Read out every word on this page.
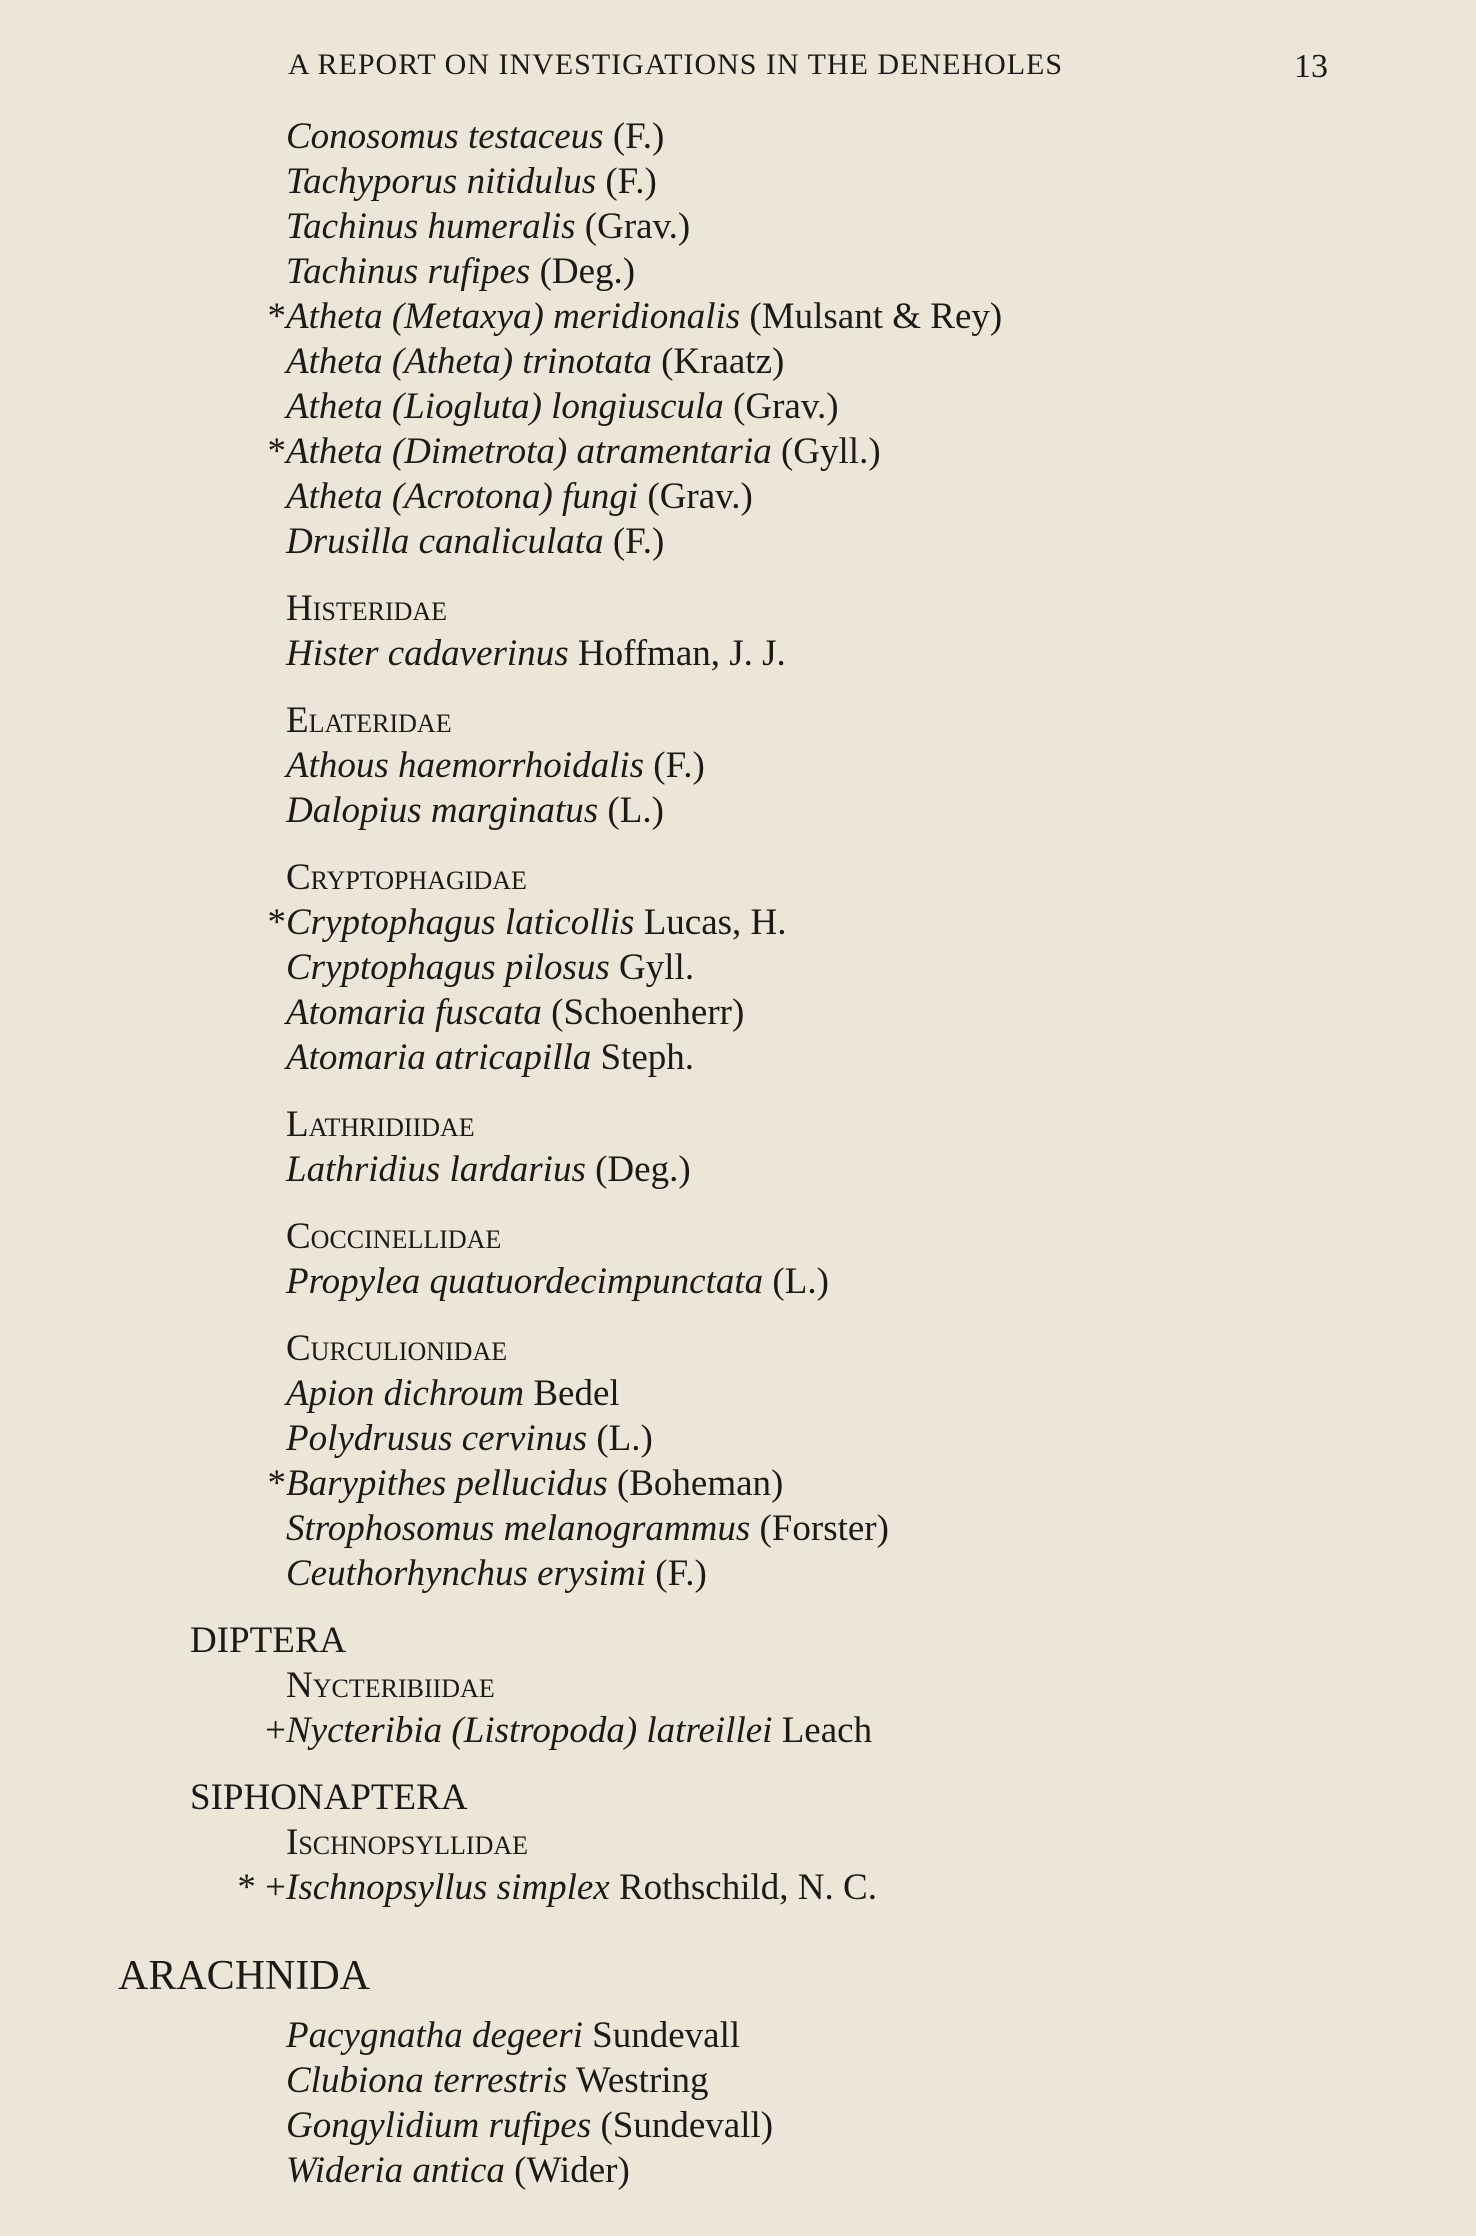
A REPORT ON INVESTIGATIONS IN THE DENEHOLES	13
Conosomus testaceus (F.)
Tachyporus nitidulus (F.)
Tachinus humeralis (Grav.)
Tachinus rufipes (Deg.)
* Atheta (Metaxya) meridionalis (Mulsant & Rey)
Atheta (Atheta) trinotata (Kraatz)
Atheta (Liogluta) longiuscula (Grav.)
* Atheta (Dimetrota) atramentaria (Gyll.)
Atheta (Acrotona) fungi (Grav.)
Drusilla canaliculata (F.)
Histeridae
Hister cadaverinus Hoffman, J. J.
Elateridae
Athous haemorrhoidalis (F.)
Dalopius marginatus (L.)
Cryptophagidae
* Cryptophagus laticollis Lucas, H.
Cryptophagus pilosus Gyll.
Atomaria fuscata (Schoenherr)
Atomaria atricapilla Steph.
Lathridiidae
Lathridius lardarius (Deg.)
Coccinellidae
Propylea quatuordecimpunctata (L.)
Curculionidae
Apion dichroum Bedel
Polydrusus cervinus (L.)
* Barypithes pellucidus (Boheman)
Strophosomus melanogrammus (Forster)
Ceuthorhynchus erysimi (F.)
DIPTERA
Nycteribiidae
+ Nycteribia (Listropoda) latreillei Leach
SIPHONAPTERA
Ischnopsyllidae
* + Ischnopsyllus simplex Rothschild, N. C.
ARACHNIDA
Pacygnatha degeeri Sundevall
Clubiona terrestris Westring
Gongylidium rufipes (Sundevall)
Wideria antica (Wider)
